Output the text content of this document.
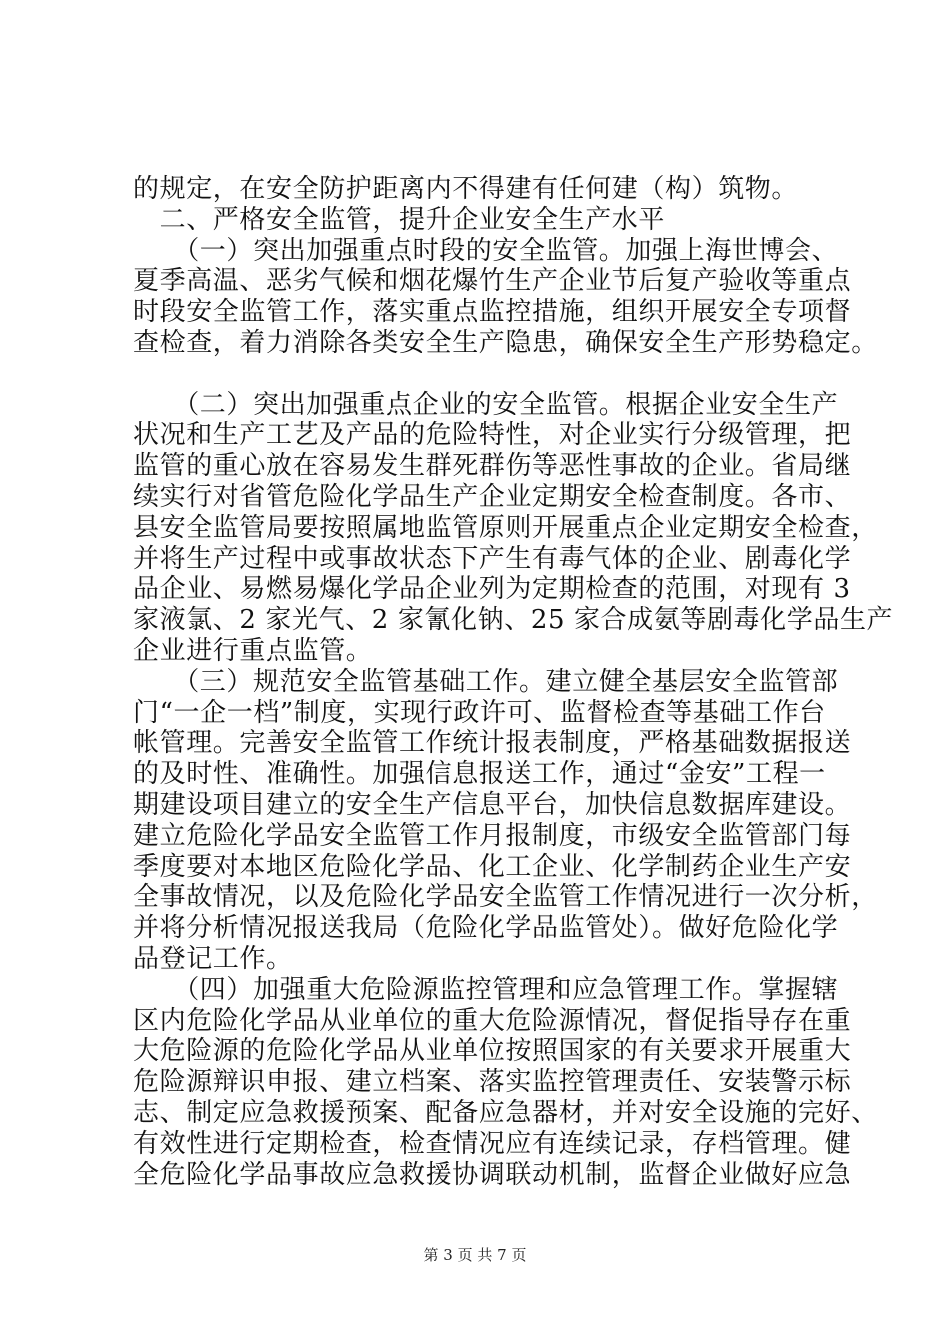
的规定，在安全防护距离内不得建有任何建（构）筑物。
　二、严格安全监管，提升企业安全生产水平
　　（一）突出加强重点时段的安全监管。加强上海世博会、
夏季高温、恶劣气候和烟花爆竹生产企业节后复产验收等重点
时段安全监管工作，落实重点监控措施，组织开展安全专项督
查检查，着力消除各类安全生产隐患，确保安全生产形势稳定。
　　（二）突出加强重点企业的安全监管。根据企业安全生产
状况和生产工艺及产品的危险特性，对企业实行分级管理，把
监管的重心放在容易发生群死群伤等恶性事故的企业。省局继
续实行对省管危险化学品生产企业定期安全检查制度。各市、
县安全监管局要按照属地监管原则开展重点企业定期安全检查，
并将生产过程中或事故状态下产生有毒气体的企业、剧毒化学
品企业、易燃易爆化学品企业列为定期检查的范围，对现有 3
家液氯、2 家光气、2 家氰化钠、25 家合成氨等剧毒化学品生产
企业进行重点监管。
　　（三）规范安全监管基础工作。建立健全基层安全监管部
门“一企一档”制度，实现行政许可、监督检查等基础工作台
帐管理。完善安全监管工作统计报表制度，严格基础数据报送
的及时性、准确性。加强信息报送工作，通过“金安”工程一
期建设项目建立的安全生产信息平台，加快信息数据库建设。
建立危险化学品安全监管工作月报制度，市级安全监管部门每
季度要对本地区危险化学品、化工企业、化学制药企业生产安
全事故情况，以及危险化学品安全监管工作情况进行一次分析，
并将分析情况报送我局（危险化学品监管处）。做好危险化学
品登记工作。
　　（四）加强重大危险源监控管理和应急管理工作。掌握辖
区内危险化学品从业单位的重大危险源情况，督促指导存在重
大危险源的危险化学品从业单位按照国家的有关要求开展重大
危险源辩识申报、建立档案、落实监控管理责任、安装警示标
志、制定应急救援预案、配备应急器材，并对安全设施的完好、
有效性进行定期检查，检查情况应有连续记录，存档管理。健
全危险化学品事故应急救援协调联动机制，监督企业做好应急
第 3 页 共 7 页
